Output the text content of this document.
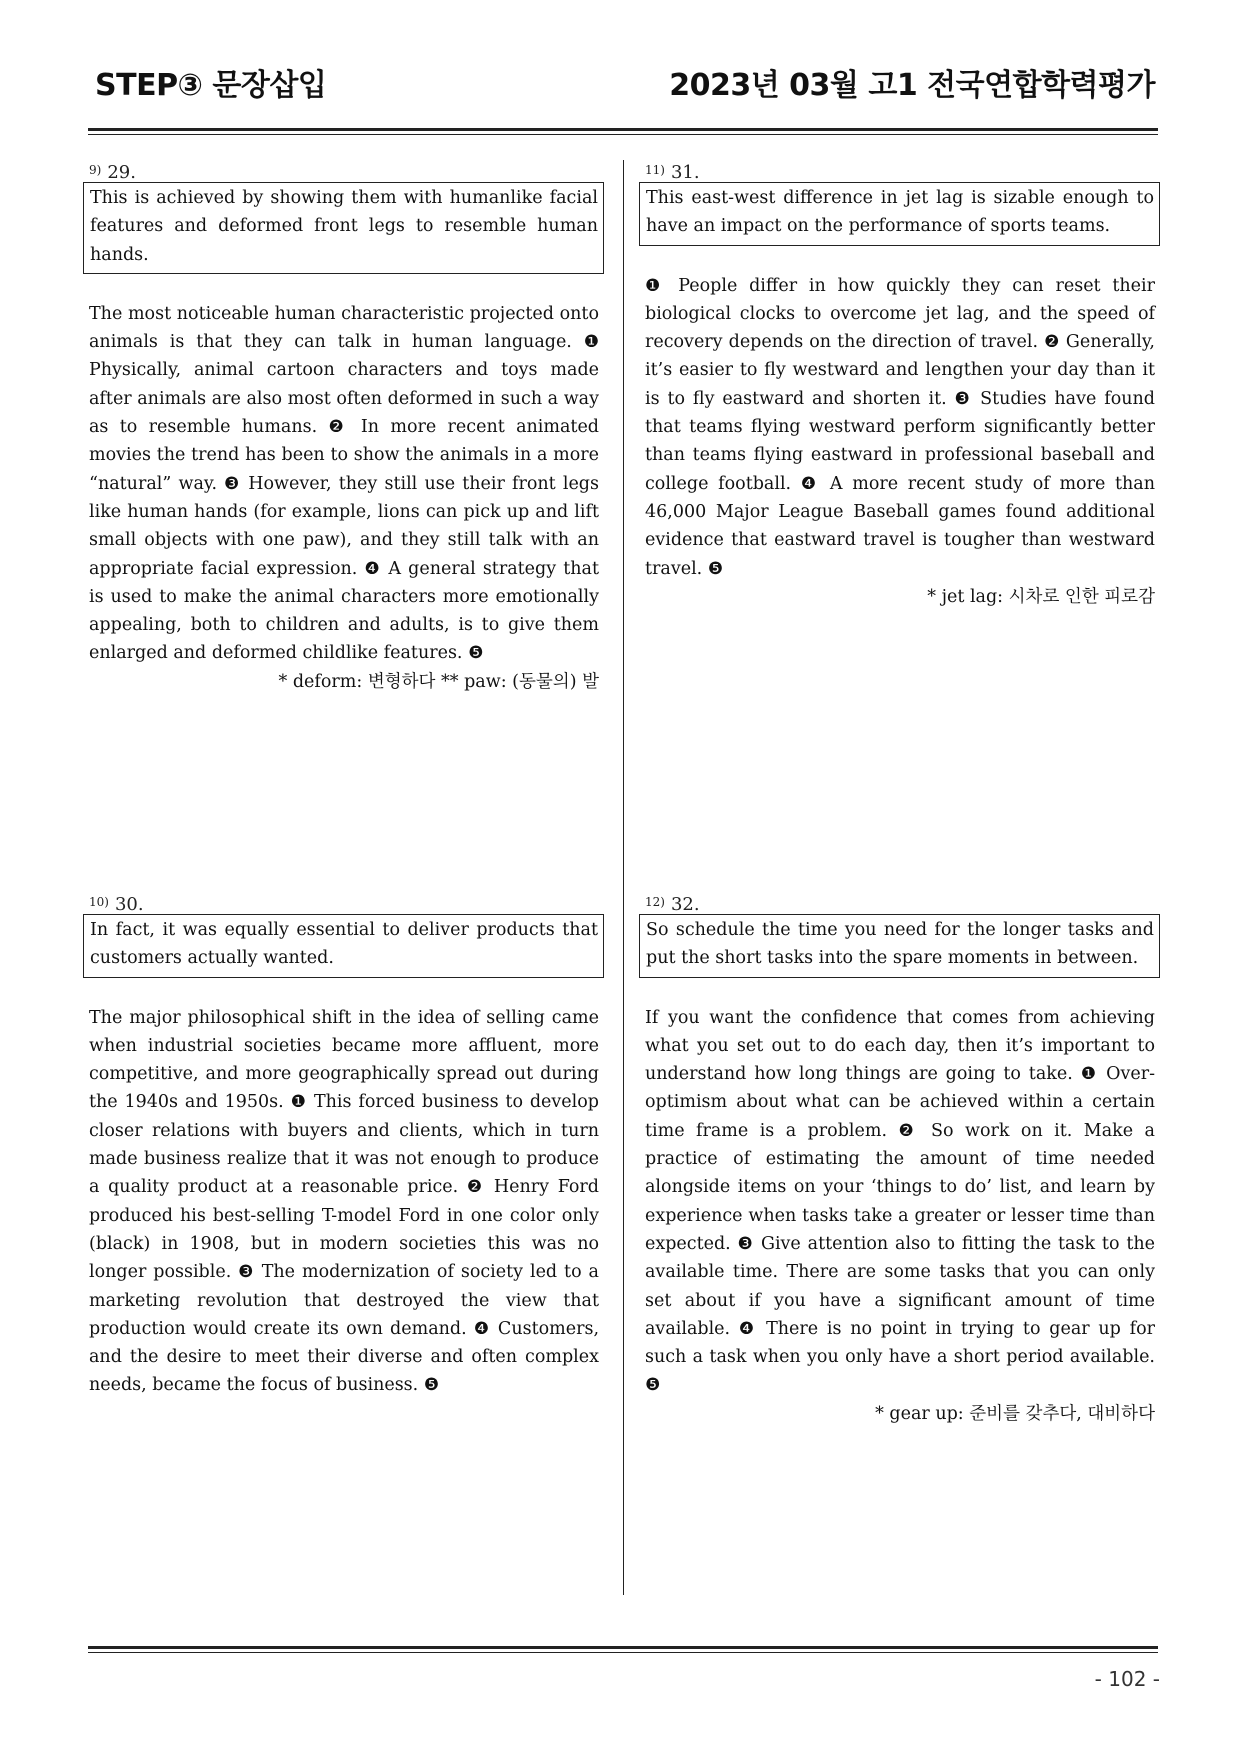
STEP③ 문장삽입	2023년 03월 고1 전국연합학력평가
$^{9)}$ 29.
This is achieved by showing them with humanlike facial features and deformed front legs to resemble human hands.
The most noticeable human characteristic projected onto animals is that they can talk in human language. ❶ Physically, animal cartoon characters and toys made after animals are also most often deformed in such a way as to resemble humans. ❷ In more recent animated movies the trend has been to show the animals in a more “natural” way. ❸ However, they still use their front legs like human hands (for example, lions can pick up and lift small objects with one paw), and they still talk with an appropriate facial expression. ❹ A general strategy that is used to make the animal characters more emotionally appealing, both to children and adults, is to give them enlarged and deformed childlike features. ❺
* deform: 변형하다 ** paw: (동물의) 발
$^{10)}$ 30.
In fact, it was equally essential to deliver products that customers actually wanted.
The major philosophical shift in the idea of selling came when industrial societies became more affluent, more competitive, and more geographically spread out during the 1940s and 1950s. ❶ This forced business to develop closer relations with buyers and clients, which in turn made business realize that it was not enough to produce a quality product at a reasonable price. ❷ Henry Ford produced his best-selling T-model Ford in one color only (black) in 1908, but in modern societies this was no longer possible. ❸ The modernization of society led to a marketing revolution that destroyed the view that production would create its own demand. ❹ Customers, and the desire to meet their diverse and often complex needs, became the focus of business. ❺
$^{11)}$ 31.
This east-west difference in jet lag is sizable enough to have an impact on the performance of sports teams.
❶ People differ in how quickly they can reset their biological clocks to overcome jet lag, and the speed of recovery depends on the direction of travel. ❷ Generally, it’s easier to fly westward and lengthen your day than it is to fly eastward and shorten it. ❸ Studies have found that teams flying westward perform significantly better than teams flying eastward in professional baseball and college football. ❹ A more recent study of more than 46,000 Major League Baseball games found additional evidence that eastward travel is tougher than westward travel. ❺
* jet lag: 시차로 인한 피로감
$^{12)}$ 32.
So schedule the time you need for the longer tasks and put the short tasks into the spare moments in between.
If you want the confidence that comes from achieving what you set out to do each day, then it’s important to understand how long things are going to take. ❶ Over-optimism about what can be achieved within a certain time frame is a problem. ❷ So work on it. Make a practice of estimating the amount of time needed alongside items on your ‘things to do’ list, and learn by experience when tasks take a greater or lesser time than expected. ❸ Give attention also to fitting the task to the available time. There are some tasks that you can only set about if you have a significant amount of time available. ❹ There is no point in trying to gear up for such a task when you only have a short period available. ❺
* gear up: 준비를 갖추다, 대비하다
- 102 -
